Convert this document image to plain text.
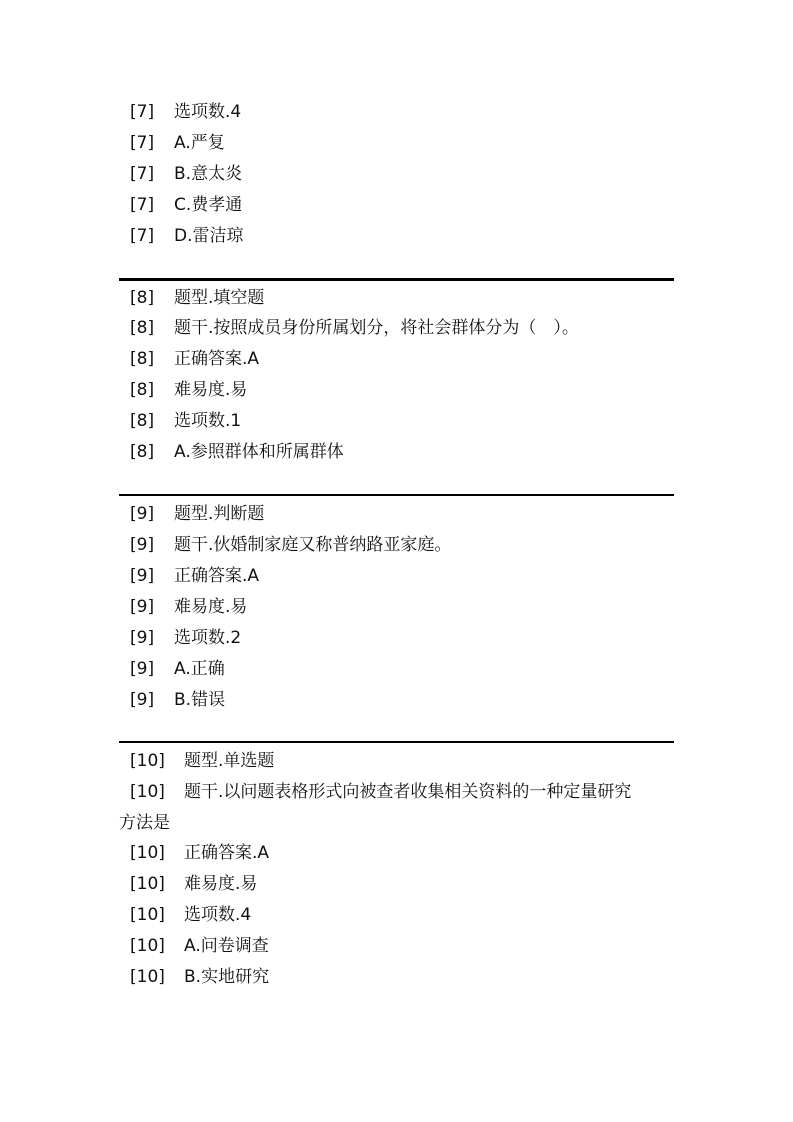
[7] 选项数.4
[7] A.严复
[7] B.意太炎
[7] C.费孝通
[7] D.雷洁琼
[8] 题型.填空题
[8] 题干.按照成员身份所属划分，将社会群体分为（　）。
[8] 正确答案.A
[8] 难易度.易
[8] 选项数.1
[8] A.参照群体和所属群体
[9] 题型.判断题
[9] 题干.伙婚制家庭又称普纳路亚家庭。
[9] 正确答案.A
[9] 难易度.易
[9] 选项数.2
[9] A.正确
[9] B.错误
[10] 题型.单选题
[10] 题干.以问题表格形式向被查者收集相关资料的一种定量研究
方法是
[10] 正确答案.A
[10] 难易度.易
[10] 选项数.4
[10] A.问卷调查
[10] B.实地研究
